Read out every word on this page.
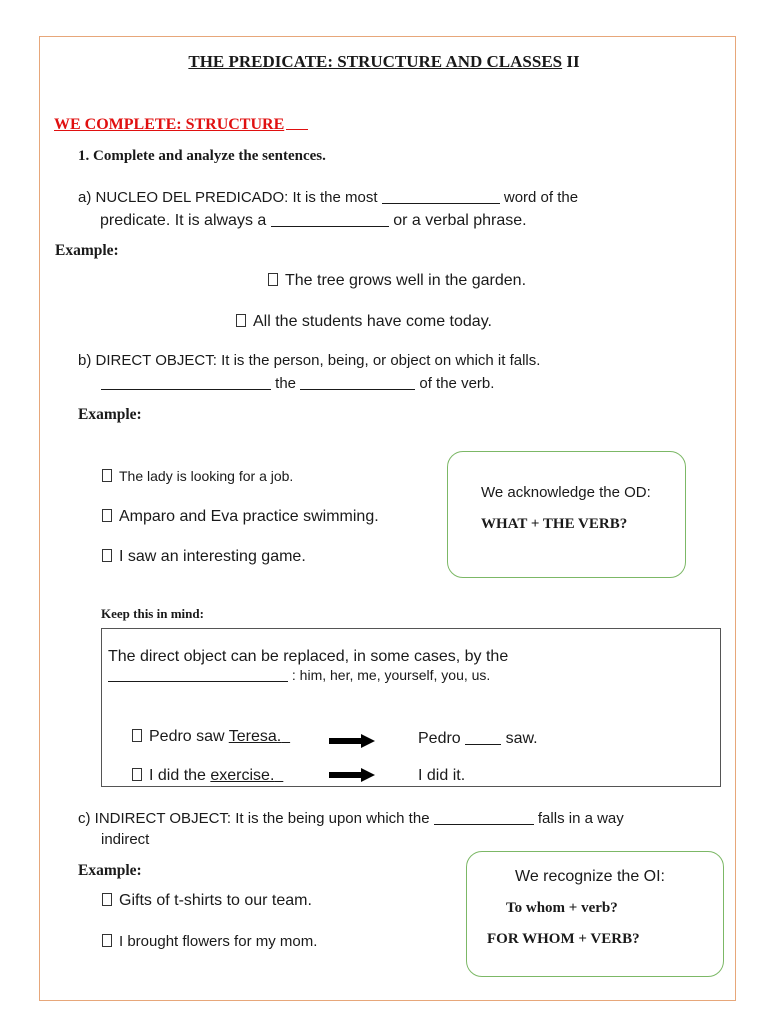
THE PREDICATE: STRUCTURE AND CLASSES II
WE COMPLETE: STRUCTURE
1. Complete and analyze the sentences.
a) NUCLEO DEL PREDICADO: It is the most	word of the
predicate. It is always a	or a verbal phrase.
Example:
The tree grows well in the garden.
All the students have come today.
b) DIRECT OBJECT: It is the person, being, or object on which it falls.
the	of the verb.
Example:
The lady is looking for a job.
Amparo and Eva practice swimming.
I saw an interesting game.
We acknowledge the OD:
WHAT + THE VERB?
Keep this in mind:
The direct object can be replaced, in some cases, by the
: him, her, me, yourself, you, us.
Pedro saw Teresa.	Pedro	saw.
I did the exercise.	I did it.
c) INDIRECT OBJECT: It is the being upon which the	falls in a way
indirect
Example:
Gifts of t-shirts to our team.
I brought flowers for my mom.
We recognize the OI:
To whom + verb?
FOR WHOM + VERB?
